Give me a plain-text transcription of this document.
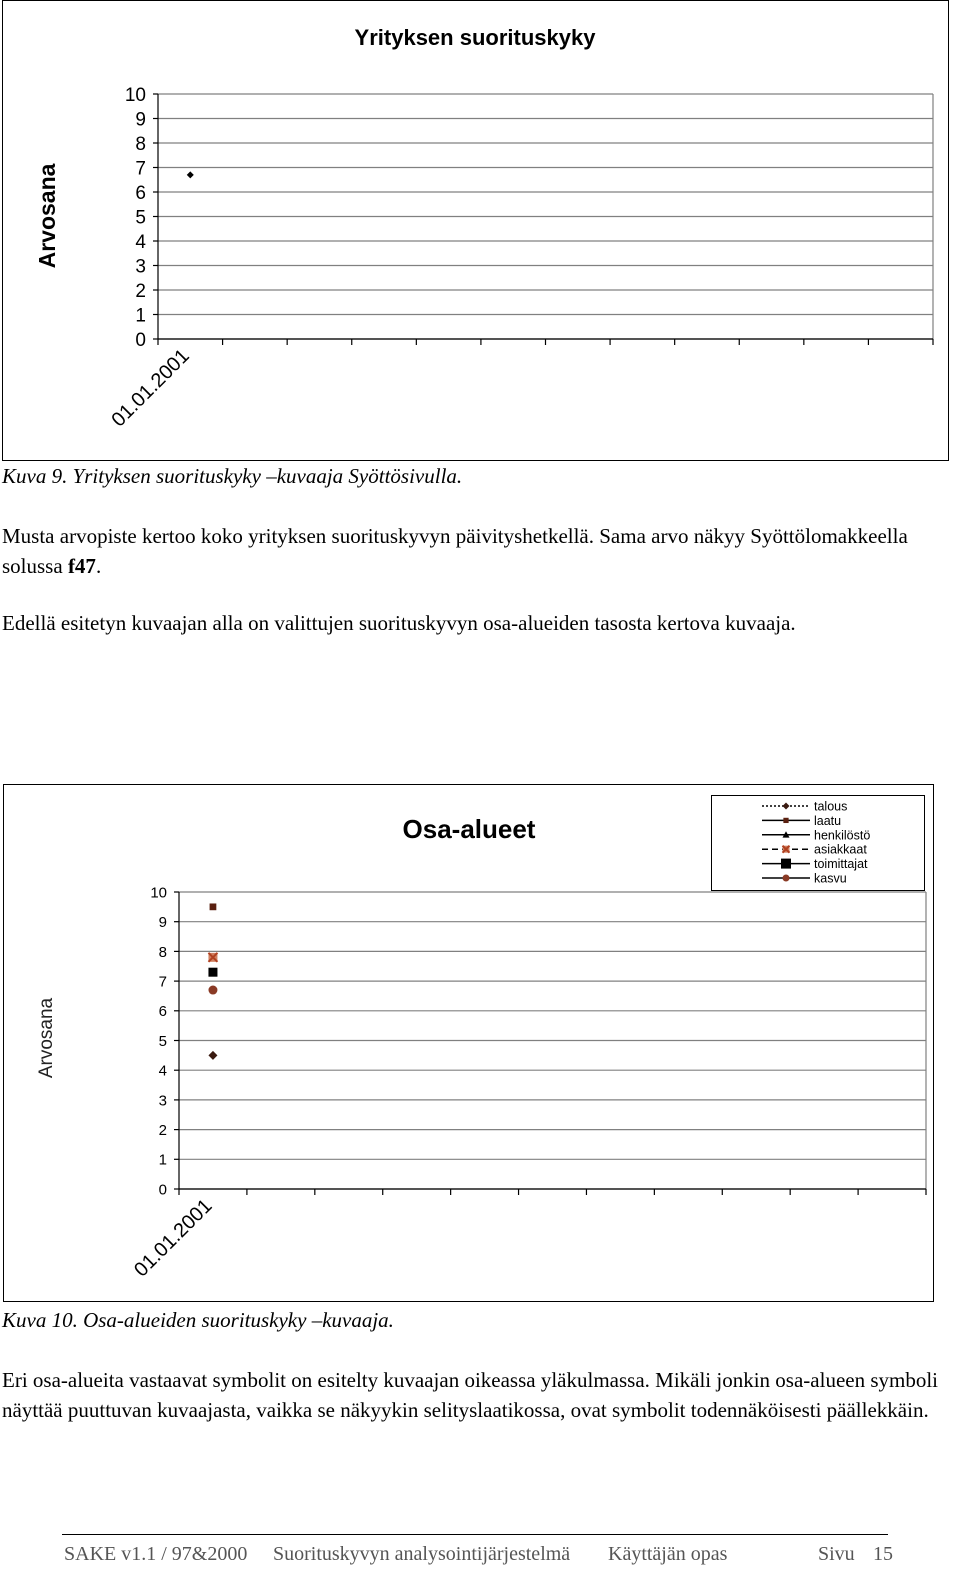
Yrityksen suorituskyky
Arvosana
0
1
2
3
4
5
6
7
8
9
10
01.01.2001
Kuva 9. Yrityksen suorituskyky –kuvaaja Syöttösivulla.
Musta arvopiste kertoo koko yrityksen suorituskyvyn päivityshetkellä. Sama arvo näkyy Syöttölomakkeella solussa f47.
Edellä esitetyn kuvaajan alla on valittujen suorituskyvyn osa-alueiden tasosta kertova kuvaaja.
Osa-alueet
Arvosana
0
1
2
3
4
5
6
7
8
9
10
01.01.2001
talous
laatu
henkilöstö
asiakkaat
toimittajat
kasvu
Kuva 10. Osa-alueiden suorituskyky –kuvaaja.
Eri osa-alueita vastaavat symbolit on esitelty kuvaajan oikeassa yläkulmassa. Mikäli jonkin osa-alueen symboli näyttää puuttuvan kuvaajasta, vaikka se näkyykin selityslaatikossa, ovat symbolit todennäköisesti päällekkäin.
SAKE v1.1 / 97&2000 Suorituskyvyn analysointijärjestelmä Käyttäjän opas	Sivu 15
